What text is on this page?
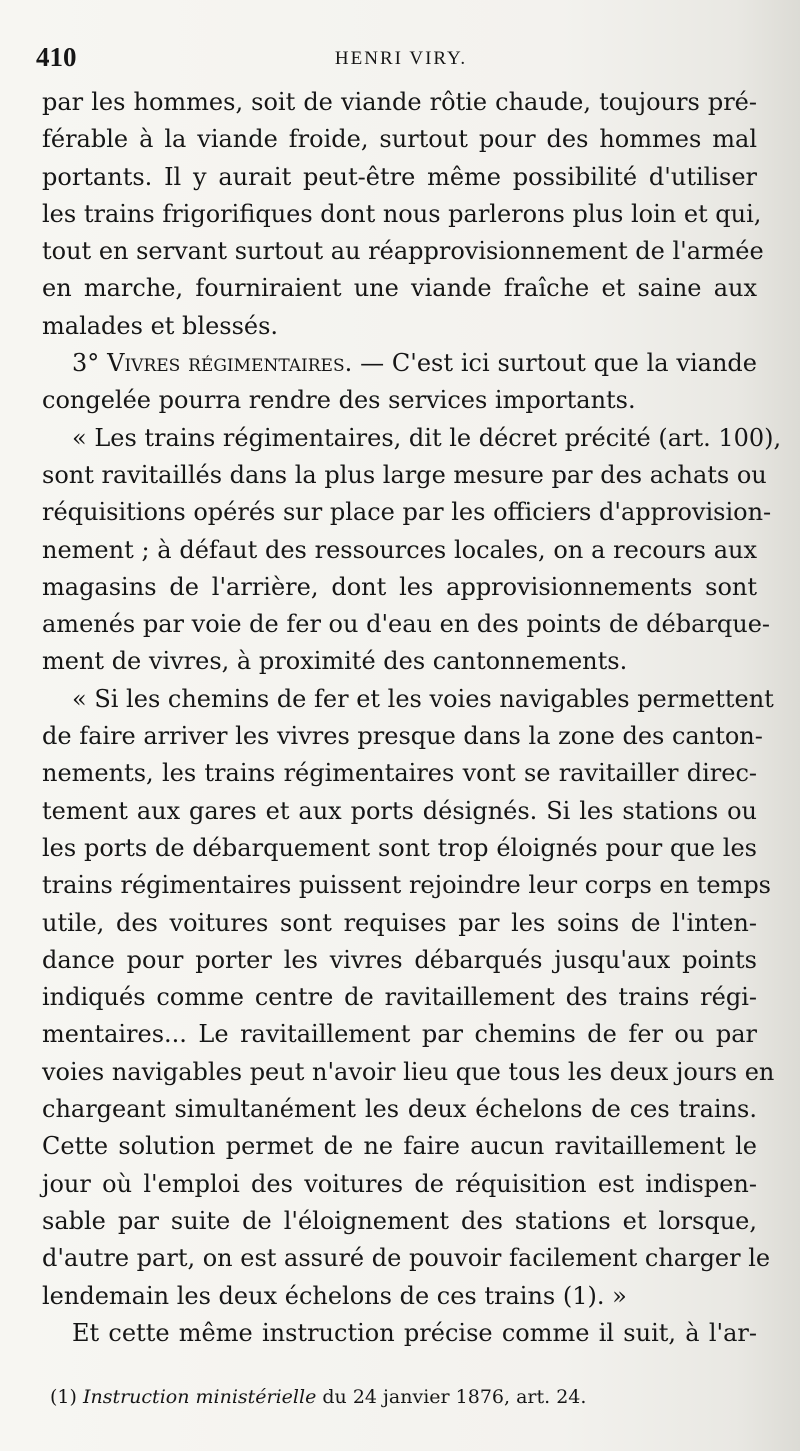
410	HENRI VIRY.
par les hommes, soit de viande rôtie chaude, toujours pré-
férable à la viande froide, surtout pour des hommes mal
portants. Il y aurait peut-être même possibilité d'utiliser
les trains frigorifiques dont nous parlerons plus loin et qui,
tout en servant surtout au réapprovisionnement de l'armée
en marche, fourniraient une viande fraîche et saine aux
malades et blessés.
3° Vivres régimentaires. — C'est ici surtout que la viande
congelée pourra rendre des services importants.
« Les trains régimentaires, dit le décret précité (art. 100),
sont ravitaillés dans la plus large mesure par des achats ou
réquisitions opérés sur place par les officiers d'approvision-
nement ; à défaut des ressources locales, on a recours aux
magasins de l'arrière, dont les approvisionnements sont
amenés par voie de fer ou d'eau en des points de débarque-
ment de vivres, à proximité des cantonnements.
« Si les chemins de fer et les voies navigables permettent
de faire arriver les vivres presque dans la zone des canton-
nements, les trains régimentaires vont se ravitailler direc-
tement aux gares et aux ports désignés. Si les stations ou
les ports de débarquement sont trop éloignés pour que les
trains régimentaires puissent rejoindre leur corps en temps
utile, des voitures sont requises par les soins de l'inten-
dance pour porter les vivres débarqués jusqu'aux points
indiqués comme centre de ravitaillement des trains régi-
mentaires... Le ravitaillement par chemins de fer ou par
voies navigables peut n'avoir lieu que tous les deux jours en
chargeant simultanément les deux échelons de ces trains.
Cette solution permet de ne faire aucun ravitaillement le
jour où l'emploi des voitures de réquisition est indispen-
sable par suite de l'éloignement des stations et lorsque,
d'autre part, on est assuré de pouvoir facilement charger le
lendemain les deux échelons de ces trains (1). »
Et cette même instruction précise comme il suit, à l'ar-
(1) Instruction ministérielle du 24 janvier 1876, art. 24.
